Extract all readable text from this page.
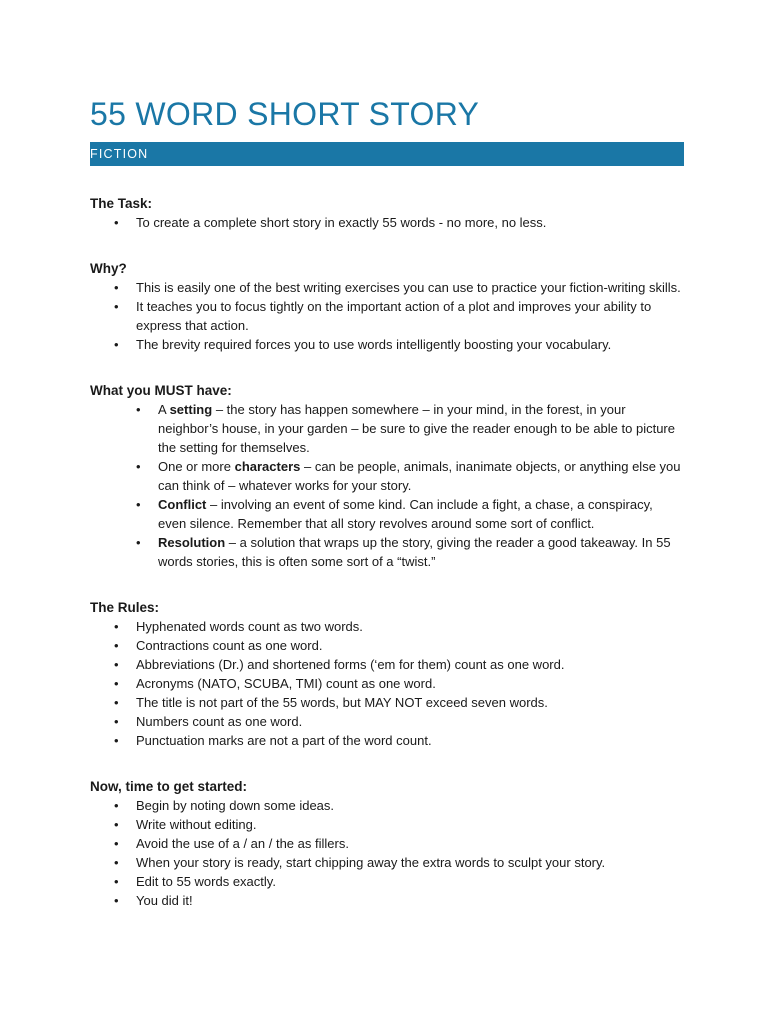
55 WORD SHORT STORY
FICTION

The Task:

• To create a complete short story in exactly 55 words - no more, no less.

Why?

• This is easily one of the best writing exercises you can use to practice your fiction-writing skills.
• It teaches you to focus tightly on the important action of a plot and improves your ability to express that action.
• The brevity required forces you to use words intelligently boosting your vocabulary.

What you MUST have:

• A setting – the story has happen somewhere – in your mind, in the forest, in your neighbor’s house, in your garden – be sure to give the reader enough to be able to picture the setting for themselves.
• One or more characters – can be people, animals, inanimate objects, or anything else you can think of – whatever works for your story.
• Conflict – involving an event of some kind. Can include a fight, a chase, a conspiracy, even silence. Remember that all story revolves around some sort of conflict.
• Resolution – a solution that wraps up the story, giving the reader a good takeaway. In 55 words stories, this is often some sort of a “twist.”

The Rules:

• Hyphenated words count as two words.
• Contractions count as one word.
• Abbreviations (Dr.) and shortened forms (‘em for them) count as one word.
• Acronyms (NATO, SCUBA, TMI) count as one word.
• The title is not part of the 55 words, but MAY NOT exceed seven words.
• Numbers count as one word.
• Punctuation marks are not a part of the word count.

Now, time to get started:

• Begin by noting down some ideas.
• Write without editing.
• Avoid the use of a / an / the as fillers.
• When your story is ready, start chipping away the extra words to sculpt your story.
• Edit to 55 words exactly.
• You did it!
